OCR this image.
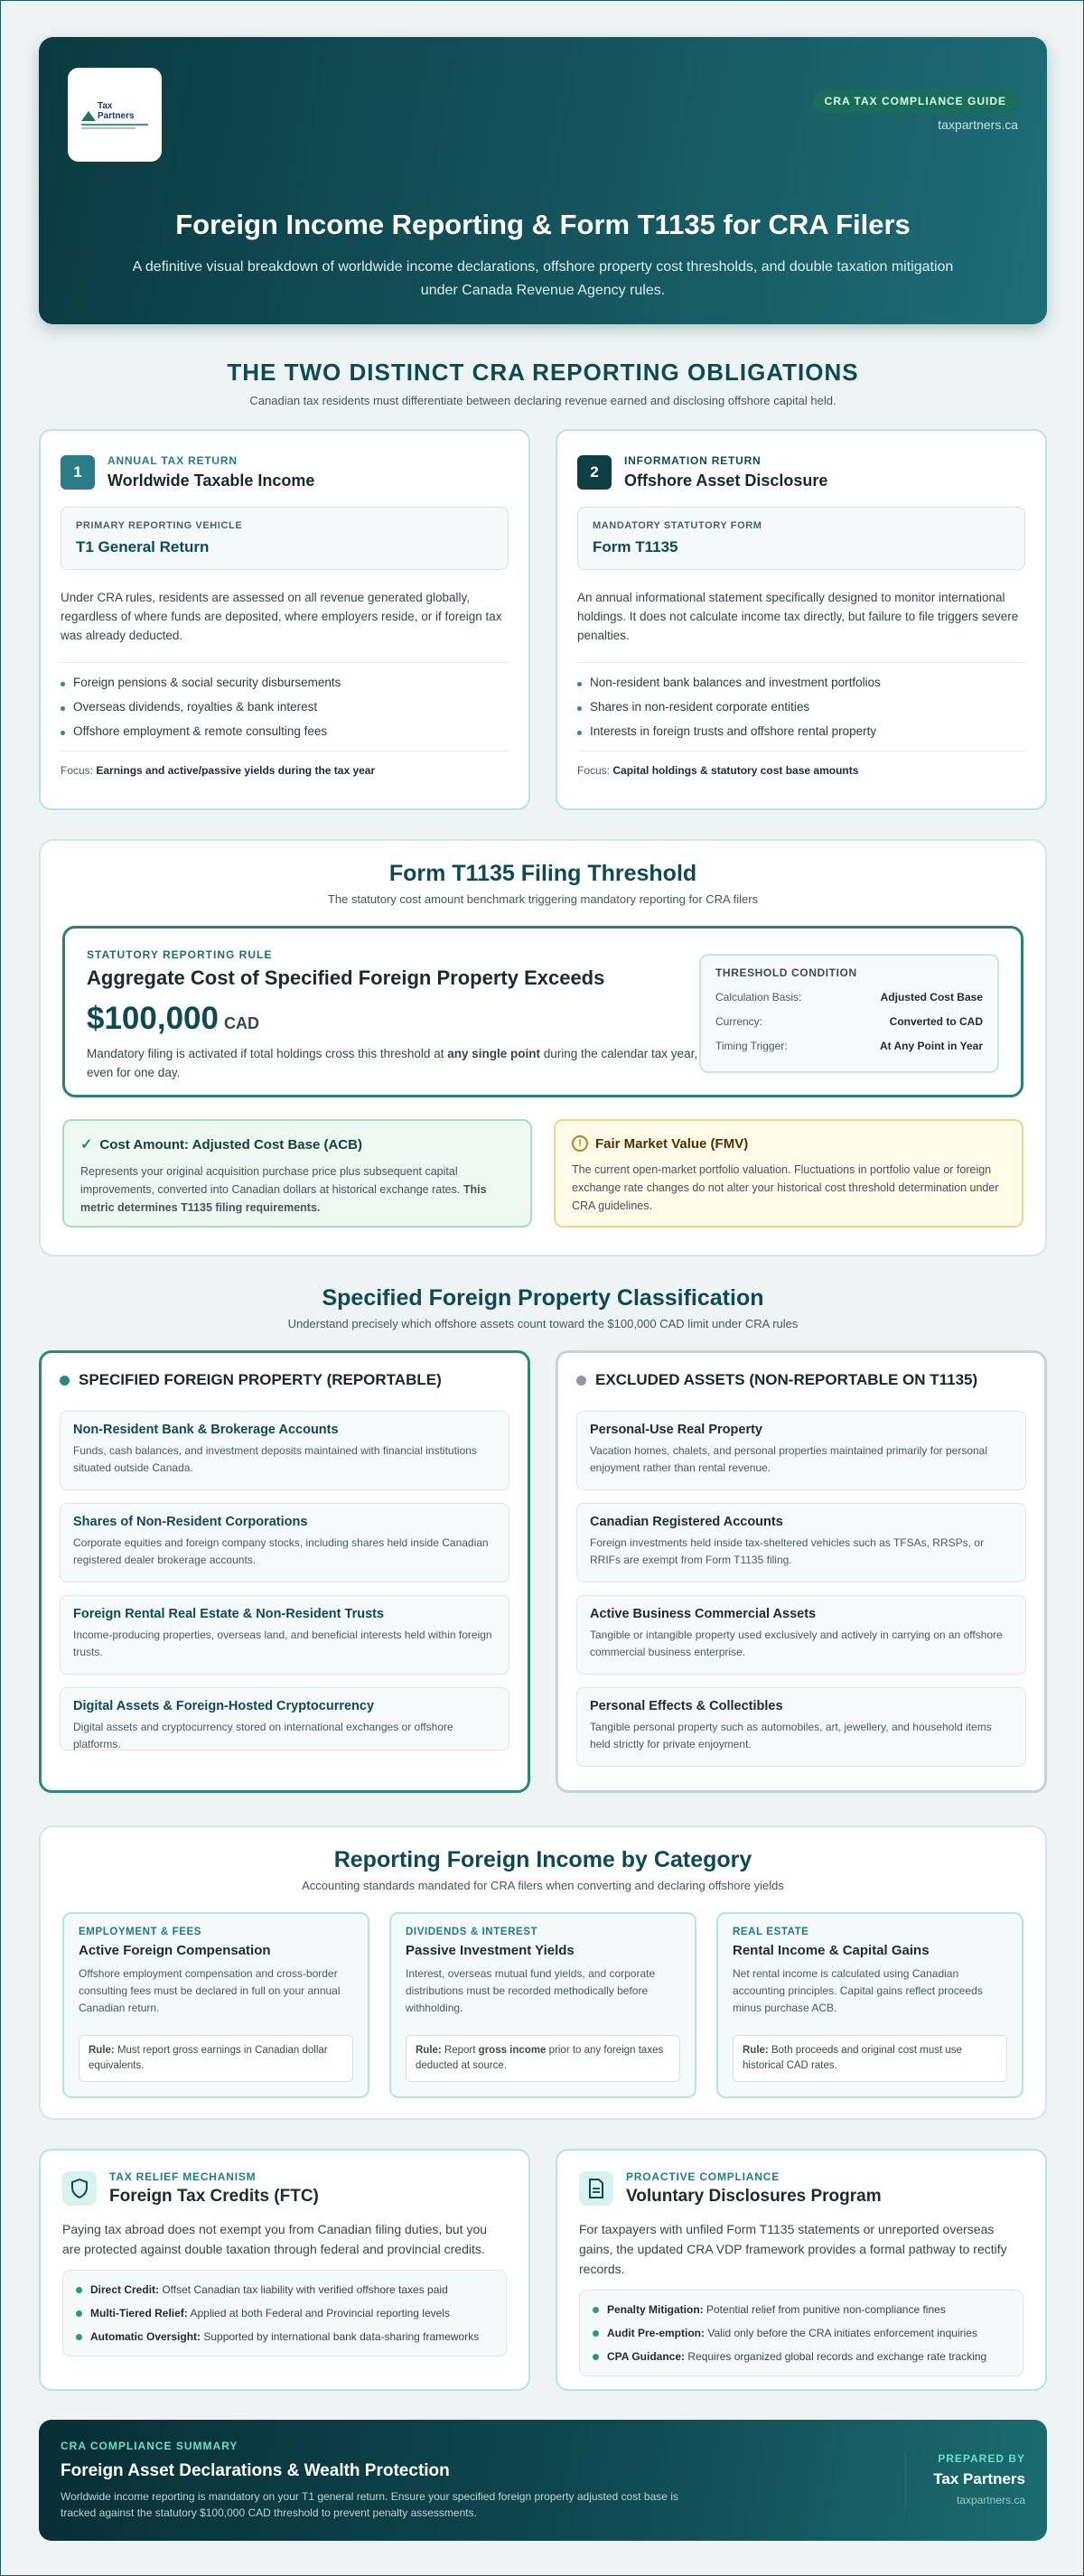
Tax Partners
CRA TAX COMPLIANCE GUIDE
taxpartners.ca
Foreign Income Reporting & Form T1135 for CRA Filers

A definitive visual breakdown of worldwide income declarations, offshore property cost thresholds, and double taxation mitigation under Canada Revenue Agency rules.

THE TWO DISTINCT CRA REPORTING OBLIGATIONS

Canadian tax residents must differentiate between declaring revenue earned and disclosing offshore capital held.

1
ANNUAL TAX RETURN
Worldwide Taxable Income
PRIMARY REPORTING VEHICLE
T1 General Return

Under CRA rules, residents are assessed on all revenue generated globally, regardless of where funds are deposited, where employers reside, or if foreign tax was already deducted.

Foreign pensions & social security disbursements
Overseas dividends, royalties & bank interest
Offshore employment & remote consulting fees
Focus: Earnings and active/passive yields during the tax year
2
INFORMATION RETURN
Offshore Asset Disclosure
MANDATORY STATUTORY FORM
Form T1135

An annual informational statement specifically designed to monitor international holdings. It does not calculate income tax directly, but failure to file triggers severe penalties.

Non-resident bank balances and investment portfolios
Shares in non-resident corporate entities
Interests in foreign trusts and offshore rental property
Focus: Capital holdings & statutory cost base amounts
Form T1135 Filing Threshold

The statutory cost amount benchmark triggering mandatory reporting for CRA filers

STATUTORY REPORTING RULE
Aggregate Cost of Specified Foreign Property Exceeds
$100,000 CAD

Mandatory filing is activated if total holdings cross this threshold at any single point during the calendar tax year, even for one day.

THRESHOLD CONDITION
Calculation Basis:	Adjusted Cost Base
Currency:	Converted to CAD
Timing Trigger:	At Any Point in Year
✓ Cost Amount: Adjusted Cost Base (ACB)

Represents your original acquisition purchase price plus subsequent capital improvements, converted into Canadian dollars at historical exchange rates. This metric determines T1135 filing requirements.

!	Fair Market Value (FMV)

The current open-market portfolio valuation. Fluctuations in portfolio value or foreign exchange rate changes do not alter your historical cost threshold determination under CRA guidelines.

Specified Foreign Property Classification

Understand precisely which offshore assets count toward the $100,000 CAD limit under CRA rules

SPECIFIED FOREIGN PROPERTY (REPORTABLE)
Non-Resident Bank & Brokerage Accounts
Funds, cash balances, and investment deposits maintained with financial institutions situated outside Canada.
Shares of Non-Resident Corporations
Corporate equities and foreign company stocks, including shares held inside Canadian registered dealer brokerage accounts.
Foreign Rental Real Estate & Non-Resident Trusts
Income-producing properties, overseas land, and beneficial interests held within foreign trusts.
Digital Assets & Foreign-Hosted Cryptocurrency
Digital assets and cryptocurrency stored on international exchanges or offshore platforms.
EXCLUDED ASSETS (NON-REPORTABLE ON T1135)
Personal-Use Real Property
Vacation homes, chalets, and personal properties maintained primarily for personal enjoyment rather than rental revenue.
Canadian Registered Accounts
Foreign investments held inside tax-sheltered vehicles such as TFSAs, RRSPs, or RRIFs are exempt from Form T1135 filing.
Active Business Commercial Assets
Tangible or intangible property used exclusively and actively in carrying on an offshore commercial business enterprise.
Personal Effects & Collectibles
Tangible personal property such as automobiles, art, jewellery, and household items held strictly for private enjoyment.
Reporting Foreign Income by Category

Accounting standards mandated for CRA filers when converting and declaring offshore yields

EMPLOYMENT & FEES
Active Foreign Compensation

Offshore employment compensation and cross-border consulting fees must be declared in full on your annual Canadian return.

Rule: Must report gross earnings in Canadian dollar equivalents.
DIVIDENDS & INTEREST
Passive Investment Yields

Interest, overseas mutual fund yields, and corporate distributions must be recorded methodically before withholding.

Rule: Report gross income prior to any foreign taxes deducted at source.
REAL ESTATE
Rental Income & Capital Gains

Net rental income is calculated using Canadian accounting principles. Capital gains reflect proceeds minus purchase ACB.

Rule: Both proceeds and original cost must use historical CAD rates.
TAX RELIEF MECHANISM
Foreign Tax Credits (FTC)

Paying tax abroad does not exempt you from Canadian filing duties, but you are protected against double taxation through federal and provincial credits.

Direct Credit: Offset Canadian tax liability with verified offshore taxes paid
Multi-Tiered Relief: Applied at both Federal and Provincial reporting levels
Automatic Oversight: Supported by international bank data-sharing frameworks
PROACTIVE COMPLIANCE
Voluntary Disclosures Program

For taxpayers with unfiled Form T1135 statements or unreported overseas gains, the updated CRA VDP framework provides a formal pathway to rectify records.

Penalty Mitigation: Potential relief from punitive non-compliance fines
Audit Pre-emption: Valid only before the CRA initiates enforcement inquiries
CPA Guidance: Requires organized global records and exchange rate tracking
CRA COMPLIANCE SUMMARY
Foreign Asset Declarations & Wealth Protection

Worldwide income reporting is mandatory on your T1 general return. Ensure your specified foreign property adjusted cost base is tracked against the statutory $100,000 CAD threshold to prevent penalty assessments.

PREPARED BY
Tax Partners
taxpartners.ca
